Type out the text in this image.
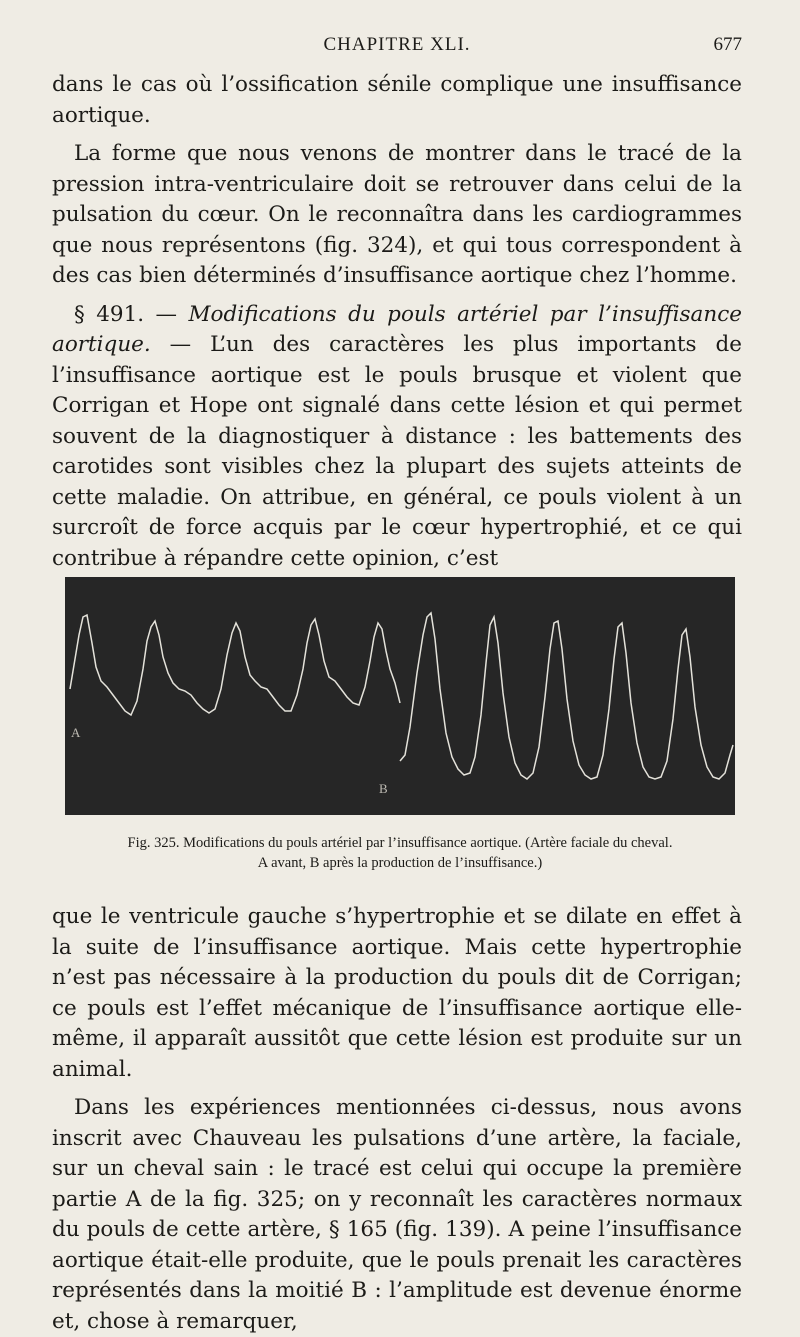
CHAPITRE XLI.	677

dans le cas où l’ossification sénile complique une insuffisance aortique.

La forme que nous venons de montrer dans le tracé de la pression intra-ventriculaire doit se retrouver dans celui de la pulsation du cœur. On le reconnaîtra dans les cardiogrammes que nous représentons (fig. 324), et qui tous correspondent à des cas bien déterminés d’insuffisance aortique chez l’homme.

§ 491. — Modifications du pouls artériel par l’insuffisance aortique. — L’un des caractères les plus importants de l’insuffisance aortique est le pouls brusque et violent que Corrigan et Hope ont signalé dans cette lésion et qui permet souvent de la diagnostiquer à distance : les battements des carotides sont visibles chez la plupart des sujets atteints de cette maladie. On attribue, en général, ce pouls violent à un surcroît de force acquis par le cœur hypertrophié, et ce qui contribue à répandre cette opinion, c’est

A
B
Fig. 325. Modifications du pouls artériel par l’insuffisance aortique. (Artère faciale du cheval.
A avant, B après la production de l’insuffisance.)

que le ventricule gauche s’hypertrophie et se dilate en effet à la suite de l’insuffisance aortique. Mais cette hypertrophie n’est pas nécessaire à la production du pouls dit de Corrigan; ce pouls est l’effet mécanique de l’insuffisance aortique elle-même, il apparaît aussitôt que cette lésion est produite sur un animal.

Dans les expériences mentionnées ci-dessus, nous avons inscrit avec Chauveau les pulsations d’une artère, la faciale, sur un cheval sain : le tracé est celui qui occupe la première partie A de la fig. 325; on y reconnaît les caractères normaux du pouls de cette artère, § 165 (fig. 139). A peine l’insuffisance aortique était-elle produite, que le pouls prenait les caractères représentés dans la moitié B : l’amplitude est devenue énorme et, chose à remarquer,
